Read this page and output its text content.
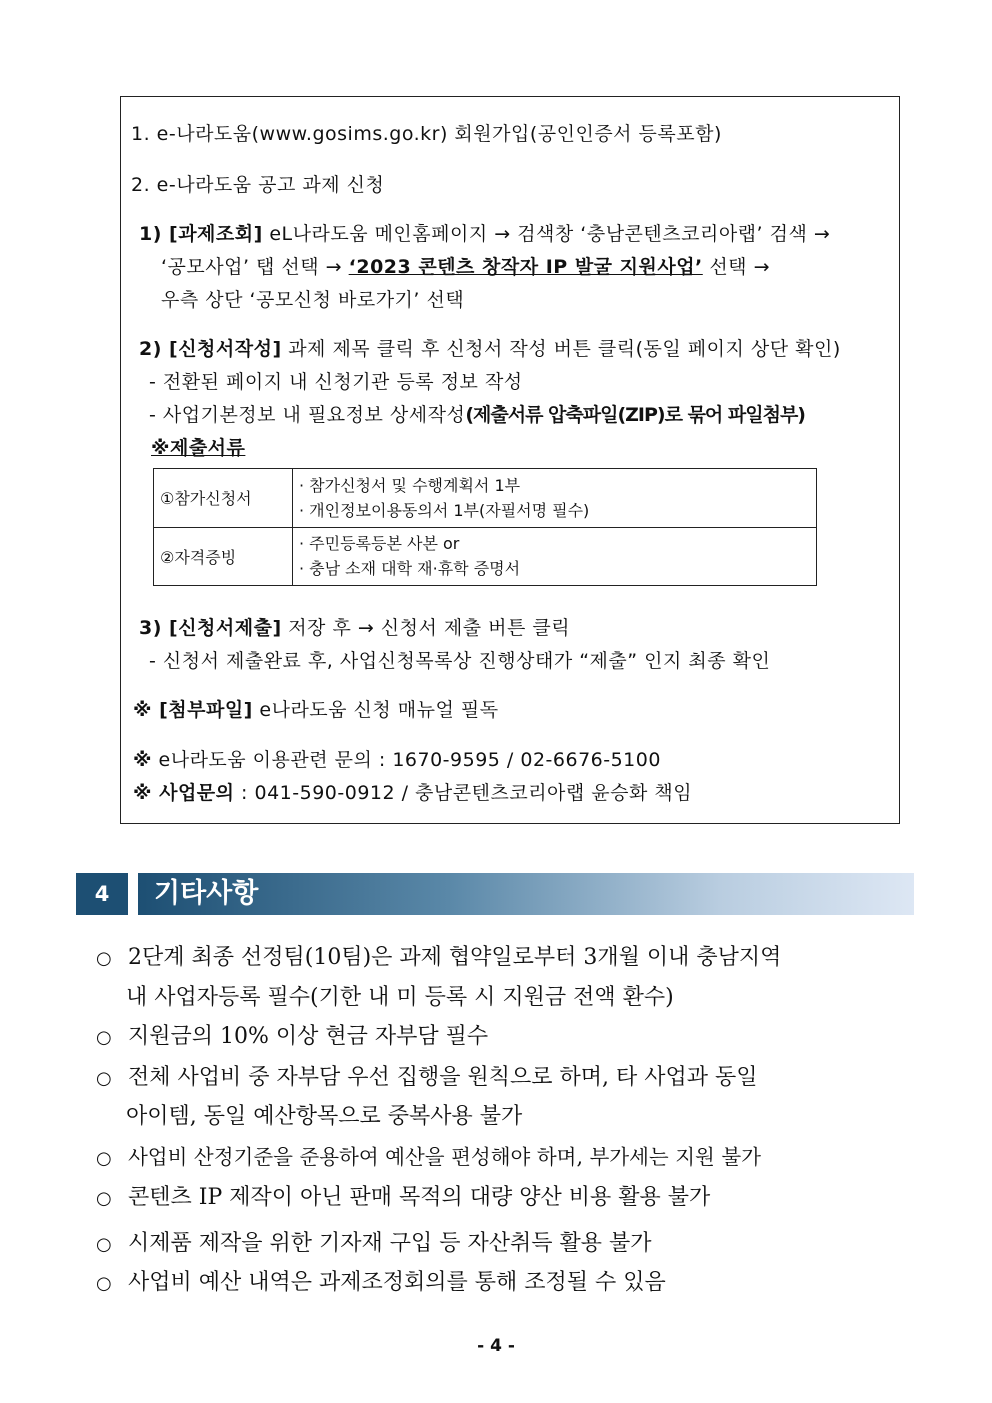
1. e-나라도움(www.gosims.go.kr) 회원가입(공인인증서 등록포함)
2. e-나라도움 공고 과제 신청
1) [과제조회] eL나라도움 메인홈페이지 → 검색창 ‘충남콘텐츠코리아랩’ 검색 →
‘공모사업’ 탭 선택 → ‘2023 콘텐츠 창작자 IP 발굴 지원사업’ 선택 →
우측 상단 ‘공모신청 바로가기’ 선택
2) [신청서작성] 과제 제목 클릭 후 신청서 작성 버튼 클릭(동일 페이지 상단 확인)
- 전환된 페이지 내 신청기관 등록 정보 작성
- 사업기본정보 내 필요정보 상세작성(제출서류 압축파일(ZIP)로 묶어 파일첨부)
※제출서류
①참가신청서	· 참가신청서 및 수행계획서 1부
· 개인정보이용동의서 1부(자필서명 필수)

②자격증빙	· 주민등록등본 사본 or
· 충남 소재 대학 재·휴학 증명서
3) [신청서제출] 저장 후 → 신청서 제출 버튼 클릭
- 신청서 제출완료 후, 사업신청목록상 진행상태가 “제출” 인지 최종 확인
※ [첨부파일] e나라도움 신청 매뉴얼 필독
※ e나라도움 이용관련 문의 : 1670-9595 / 02-6676-5100
※ 사업문의 : 041-590-0912 / 충남콘텐츠코리아랩 윤승화 책임
4	기타사항
○ 2단계 최종 선정팀(10팀)은 과제 협약일로부터 3개월 이내 충남지역
내 사업자등록 필수(기한 내 미 등록 시 지원금 전액 환수)
○ 지원금의 10% 이상 현금 자부담 필수
○ 전체 사업비 중 자부담 우선 집행을 원칙으로 하며, 타 사업과 동일
아이템, 동일 예산항목으로 중복사용 불가
○ 사업비 산정기준을 준용하여 예산을 편성해야 하며, 부가세는 지원 불가
○ 콘텐츠 IP 제작이 아닌 판매 목적의 대량 양산 비용 활용 불가
○ 시제품 제작을 위한 기자재 구입 등 자산취득 활용 불가
○ 사업비 예산 내역은 과제조정회의를 통해 조정될 수 있음
- 4 -
